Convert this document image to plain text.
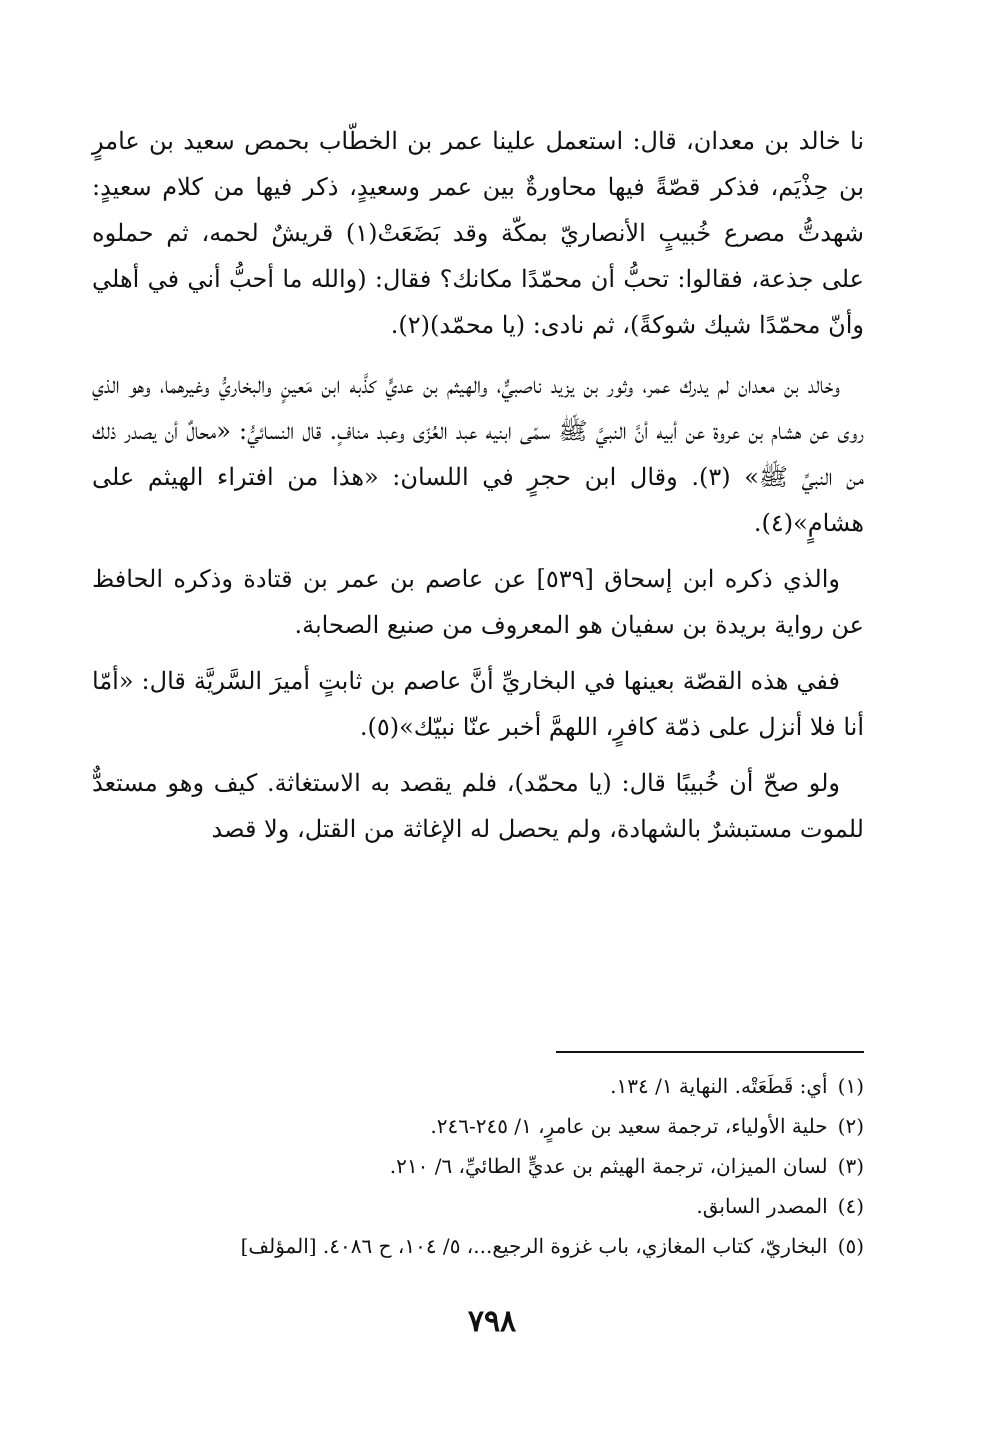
نا خالد بن معدان، قال: استعمل علينا عمر بن الخطّاب بحمص سعيد بن عامرٍ بن حِذْيَم، فذكر قصّةً فيها محاورةٌ بين عمر وسعيدٍ، ذكر فيها من كلام سعيدٍ: شهدتُّ مصرع خُبيبٍ الأنصاريّ بمكّة وقد بَضَعَتْ(١) قريشٌ لحمه، ثم حملوه على جذعة، فقالوا: تحبُّ أن محمّدًا مكانك؟ فقال: (والله ما أحبُّ أني في أهلي وأنّ محمّدًا شيك شوكةً)، ثم نادى: (يا محمّد)(٢).

وخالد بن معدان لم يدرك عمر، وثور بن يزيد ناصبيٌّ، والهيثم بن عديٍّ كذَّبه ابن مَعينٍ والبخاريُّ وغيرهما، وهو الذي روى عن هشام بن عروة عن أبيه أنَّ النبيَّ ﷺ سمّى ابنيه عبد العُزّى وعبد منافٍ. قال النسائيُّ: «محالٌ أن يصدر ذلك من النبيِّ ﷺ» (٣). وقال ابن حجرٍ في اللسان: «هذا من افتراء الهيثم على هشامٍ»(٤).

والذي ذكره ابن إسحاق [٥٣٩] عن عاصم بن عمر بن قتادة وذكره الحافظ عن رواية بريدة بن سفيان هو المعروف من صنيع الصحابة.

ففي هذه القصّة بعينها في البخاريِّ أنَّ عاصم بن ثابتٍ أميرَ السَّريَّة قال: «أمّا أنا فلا أنزل على ذمّة كافرٍ، اللهمَّ أخبر عنّا نبيّك»(٥).

ولو صحّ أن خُبيبًا قال: (يا محمّد)، فلم يقصد به الاستغاثة. كيف وهو مستعدٌّ للموت مستبشرٌ بالشهادة، ولم يحصل له الإغاثة من القتل، ولا قصد

(١)أي: قَطَعَتْه. النهاية ١/ ١٣٤.

(٢)حلية الأولياء، ترجمة سعيد بن عامرٍ، ١/ ٢٤٥-٢٤٦.

(٣)لسان الميزان، ترجمة الهيثم بن عديٍّ الطائيِّ، ٦/ ٢١٠.

(٤)المصدر السابق.

(٥)البخاريّ، كتاب المغازي، باب غزوة الرجيع...، ٥/ ١٠٤، ح ٤٠٨٦. [المؤلف]

٧٩٨
